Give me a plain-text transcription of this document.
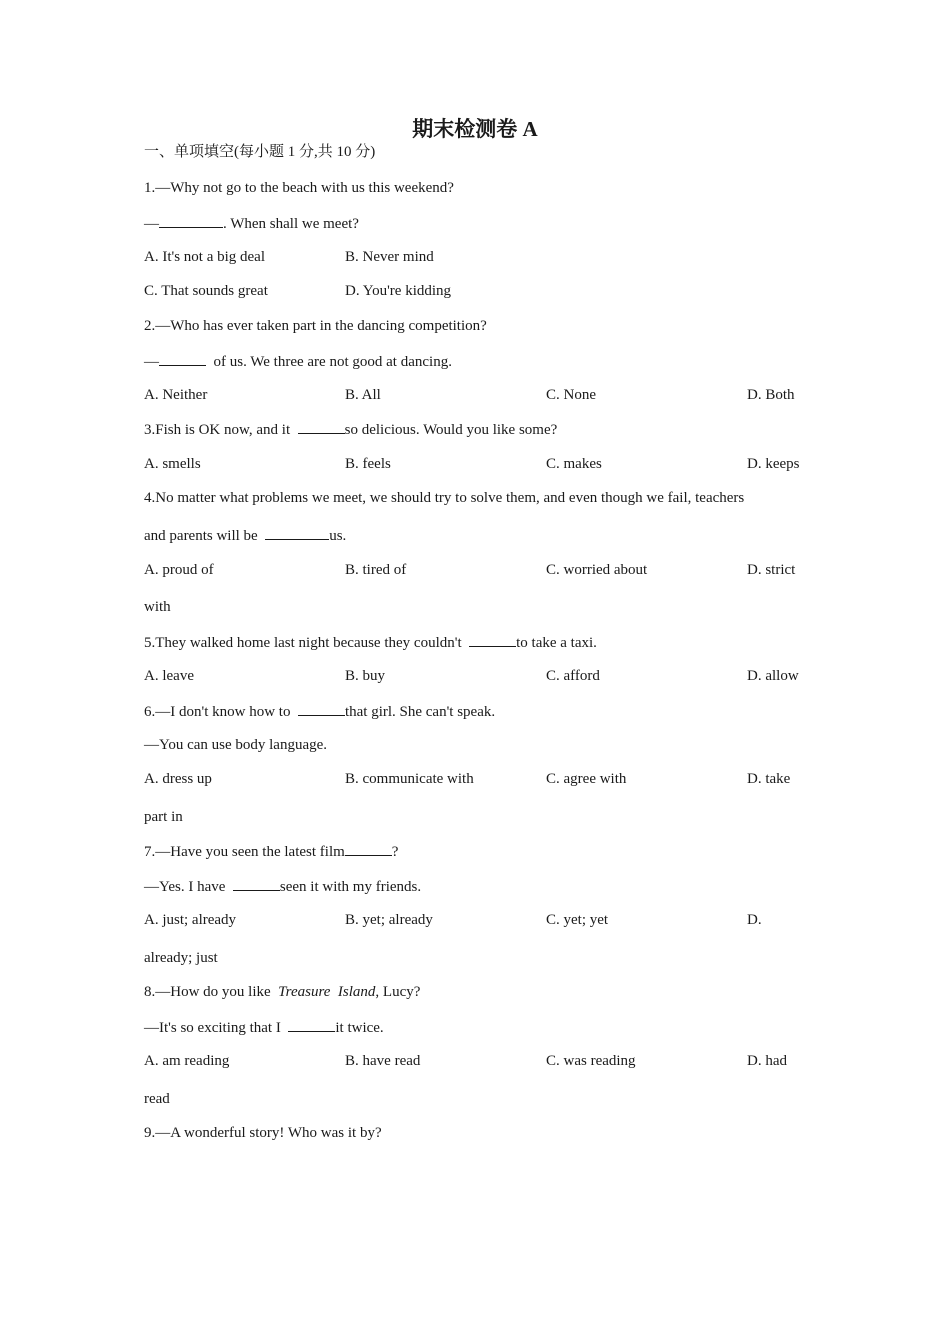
期末检测卷 A
一、单项填空(每小题 1 分,共 10 分)
1.—Why not go to the beach with us this weekend?
—	. When shall we meet?
A. It's not a big deal	B. Never mind
C. That sounds great	D. You're kidding
2.—Who has ever taken part in the dancing competition?
—	of us. We three are not good at dancing.
A. Neither	B. All	C. None	D. Both
3.Fish is OK now, and it	so delicious. Would you like some?
A. smells	B. feels	C. makes	D. keeps
4.No matter what problems we meet, we should try to solve them, and even though we fail, teachers
and parents will be	us.
A. proud of	B. tired of	C. worried about	D. strict
with
5.They walked home last night because they couldn't	to take a taxi.
A. leave	B. buy	C. afford	D. allow
6.—I don't know how to	that girl. She can't speak.
—You can use body language.
A. dress up	B. communicate with	C. agree with	D. take
part in
7.—Have you seen the latest film	?
—Yes. I have	seen it with my friends.
A. just; already	B. yet; already	C. yet; yet	D.
already; just
8.—How do you like  Treasure  Island, Lucy?
—It's so exciting that I	it twice.
A. am reading	B. have read	C. was reading	D. had
read
9.—A wonderful story! Who was it by?
